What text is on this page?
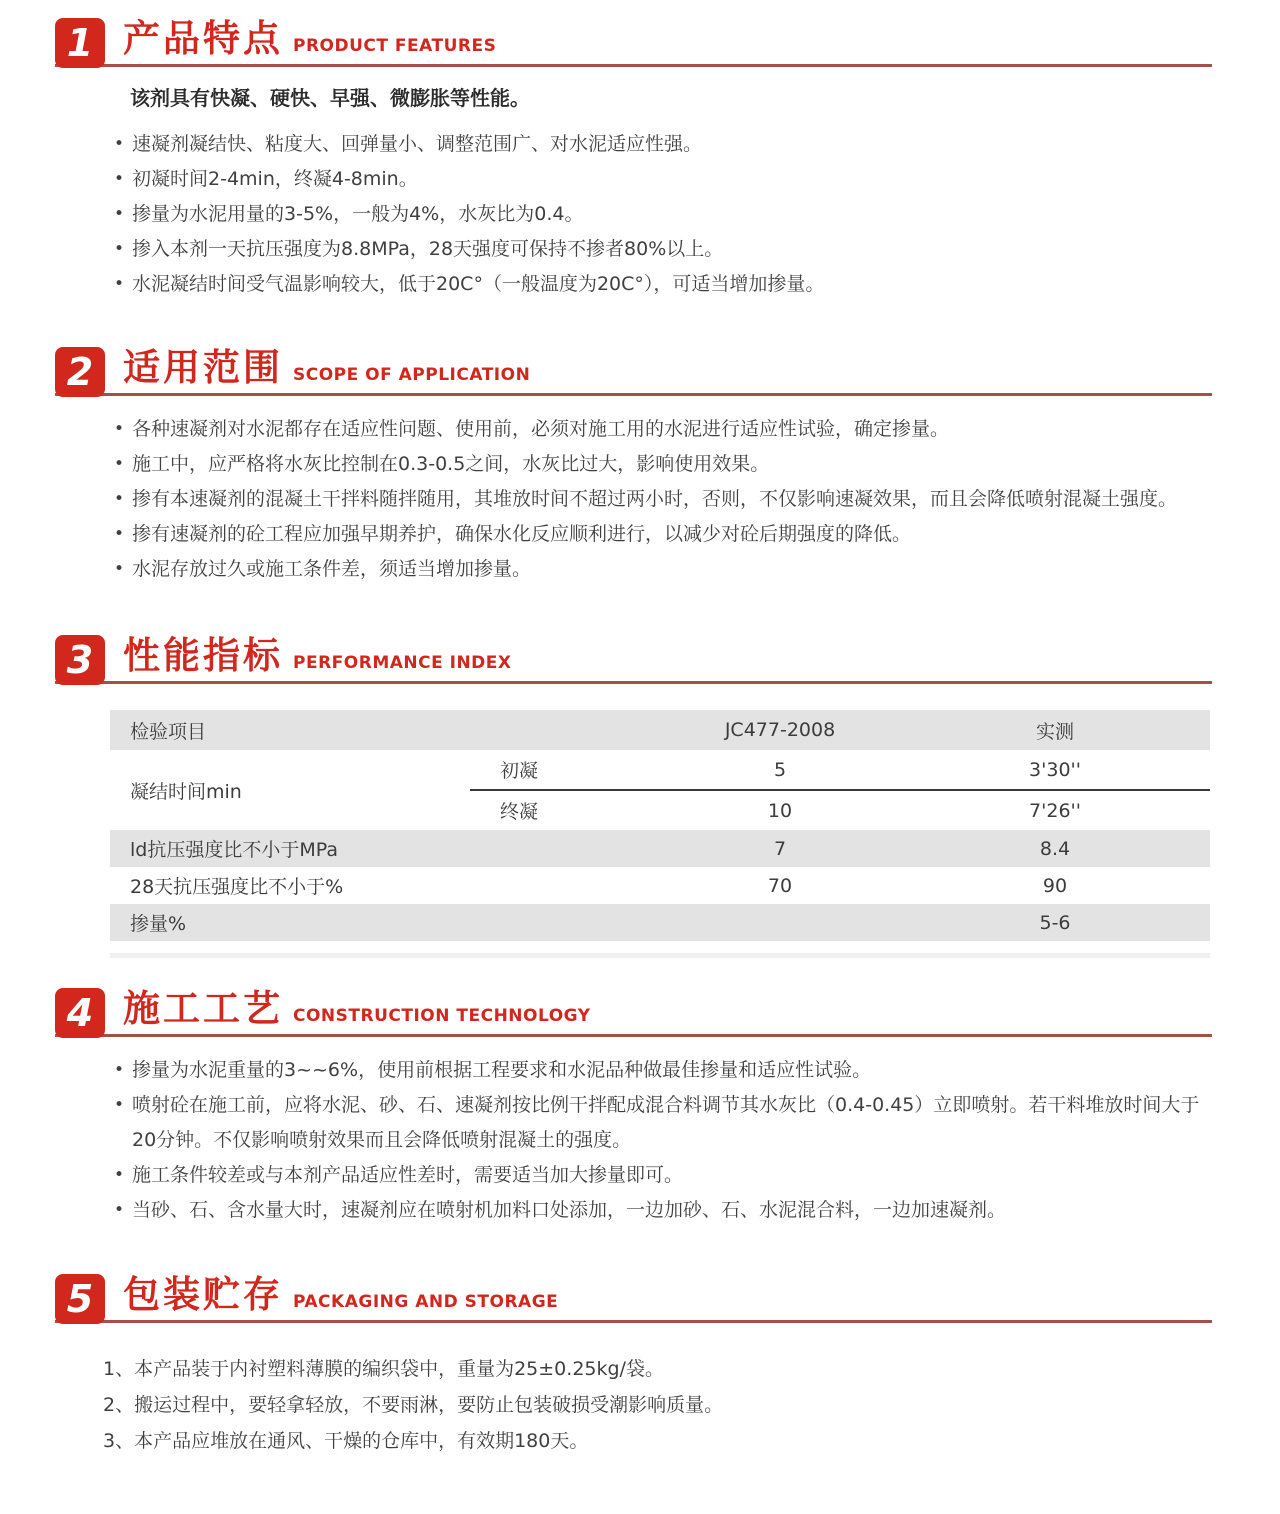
1 产品特点 PRODUCT FEATURES
该剂具有快凝、硬快、早强、微膨胀等性能。
• 速凝剂凝结快、粘度大、回弹量小、调整范围广、对水泥适应性强。
• 初凝时间2-4min，终凝4-8min。
• 掺量为水泥用量的3-5%，一般为4%，水灰比为0.4。
• 掺入本剂一天抗压强度为8.8MPa，28天强度可保持不掺者80%以上。
• 水泥凝结时间受气温影响较大，低于20C°（一般温度为20C°），可适当增加掺量。
2 适用范围 SCOPE OF APPLICATION
• 各种速凝剂对水泥都存在适应性问题、使用前，必须对施工用的水泥进行适应性试验，确定掺量。
• 施工中，应严格将水灰比控制在0.3-0.5之间，水灰比过大，影响使用效果。
• 掺有本速凝剂的混凝土干拌料随拌随用，其堆放时间不超过两小时，否则，不仅影响速凝效果，而且会降低喷射混凝土强度。
• 掺有速凝剂的砼工程应加强早期养护，确保水化反应顺利进行，以减少对砼后期强度的降低。
• 水泥存放过久或施工条件差，须适当增加掺量。
3 性能指标 PERFORMANCE INDEX
检验项目		JC477-2008	实测
凝结时间min	初凝	5	3'30''
	终凝	10	7'26''
ld抗压强度比不小于MPa		7	8.4
28天抗压强度比不小于%		70	90
掺量%			5-6
4 施工工艺 CONSTRUCTION TECHNOLOGY
• 掺量为水泥重量的3~~6%，使用前根据工程要求和水泥品种做最佳掺量和适应性试验。
• 喷射砼在施工前，应将水泥、砂、石、速凝剂按比例干拌配成混合料调节其水灰比（0.4-0.45）立即喷射。若干料堆放时间大于20分钟。不仅影响喷射效果而且会降低喷射混凝土的强度。
• 施工条件较差或与本剂产品适应性差时，需要适当加大掺量即可。
• 当砂、石、含水量大时，速凝剂应在喷射机加料口处添加，一边加砂、石、水泥混合料，一边加速凝剂。
5 包装贮存 PACKAGING AND STORAGE
1、本产品装于内衬塑料薄膜的编织袋中，重量为25±0.25kg/袋。
2、搬运过程中，要轻拿轻放，不要雨淋，要防止包装破损受潮影响质量。
3、本产品应堆放在通风、干燥的仓库中，有效期180天。
